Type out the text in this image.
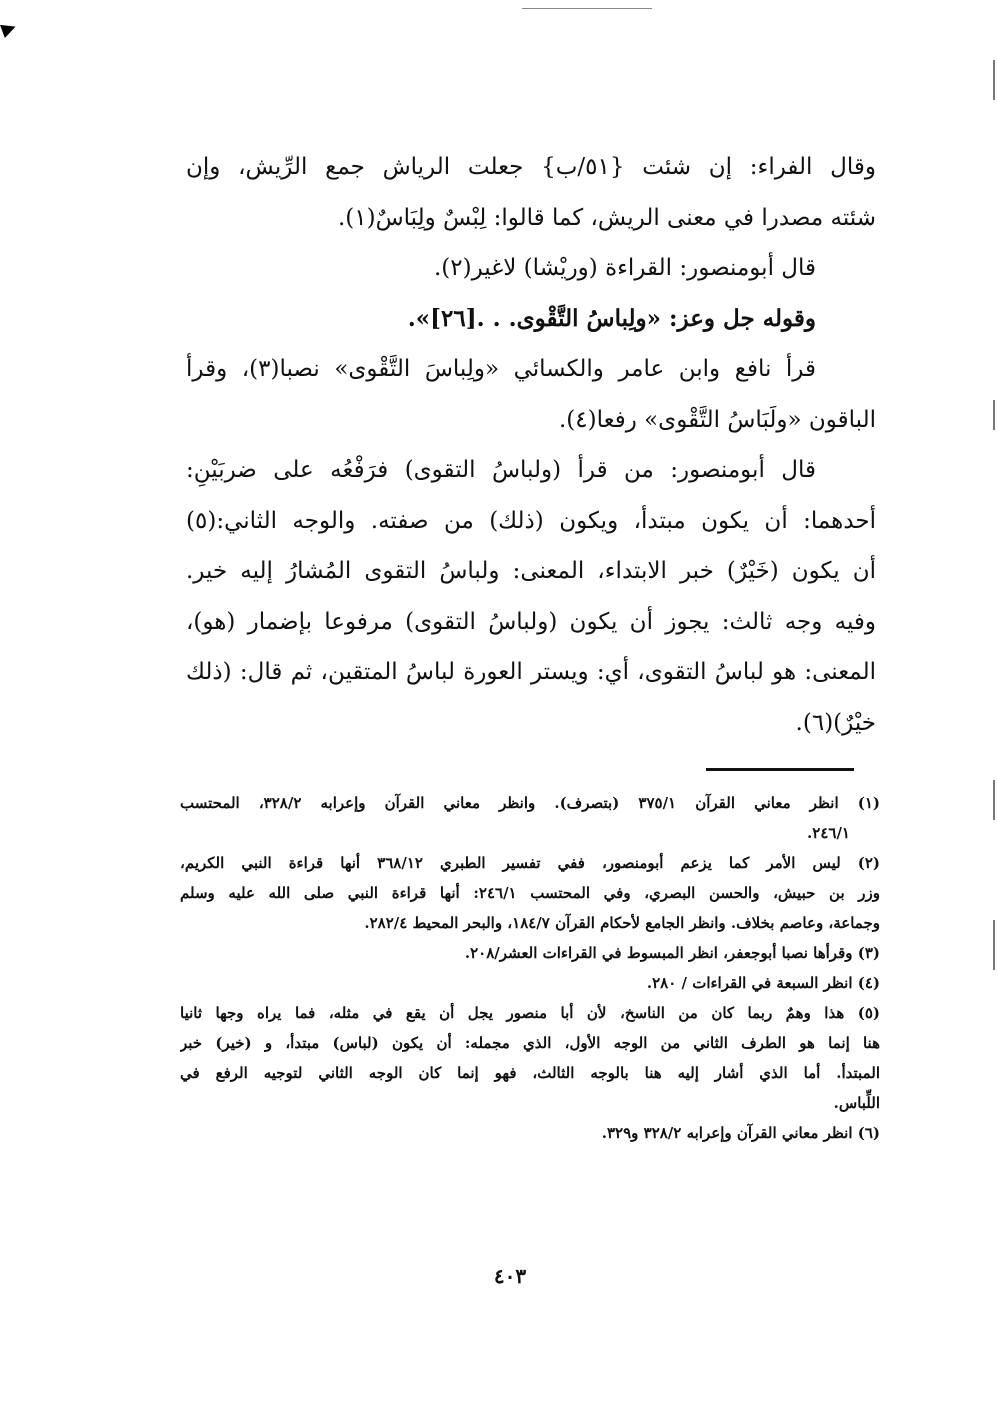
وقال الفراء: إن شئت {٥١/ب} جعلت الرياش جمع الرِّيش، وإن
شئته مصدرا في معنى الريش، كما قالوا: لِبْسٌ ولِبَاسٌ(١).
قال أبومنصور: القراءة (وريْشا) لاغير(٢).
وقوله جل وعز: «ولِباسُ التَّقْوى. . .[٢٦]».
قرأ نافع وابن عامر والكسائي «ولِباسَ التَّقْوى» نصبا(٣)، وقرأ
الباقون «ولَبَاسُ التَّقْوى» رفعا(٤).
قال أبومنصور: من قرأ (ولباسُ التقوى) فرَفْعُه على ضربَيْنِ:
أحدهما: أن يكون مبتدأ، ويكون (ذلك) من صفته. والوجه الثاني:(٥)
أن يكون (خَيْرٌ) خبر الابتداء، المعنى: ولباسُ التقوى المُشارُ إليه خير.
وفيه وجه ثالث: يجوز أن يكون (ولباسُ التقوى) مرفوعا بإضمار (هو)،
المعنى: هو لباسُ التقوى، أي: ويستر العورة لباسُ المتقين، ثم قال: (ذلك
خيْرٌ)(٦).
(١) انظر معاني القرآن ٣٧٥/١ (بتصرف). وانظر معاني القرآن وإعرابه ٣٢٨/٢، المحتسب
٢٤٦/١.
(٢) ليس الأمر كما يزعم أبومنصور، ففي تفسير الطبري ٣٦٨/١٢ أنها قراءة النبي الكريم،
وزر بن حبيش، والحسن البصري، وفي المحتسب ٢٤٦/١: أنها قراءة النبي صلى الله عليه وسلم
وجماعة، وعاصم بخلاف. وانظر الجامع لأحكام القرآن ١٨٤/٧، والبحر المحيط ٢٨٢/٤.
(٣) وقرأها نصبا أبوجعفر، انظر المبسوط في القراءات العشر/٢٠٨.
(٤) انظر السبعة في القراءات / ٢٨٠.
(٥) هذا وهمٌ ربما كان من الناسخ، لأن أبا منصور يجل أن يقع في مثله، فما يراه وجها ثانيا
هنا إنما هو الطرف الثاني من الوجه الأول، الذي مجمله: أن يكون (لباس) مبتدأ، و (خير) خبر
المبتدأ. أما الذي أشار إليه هنا بالوجه الثالث، فهو إنما كان الوجه الثاني لتوجيه الرفع في
اللِّباس.
(٦) انظر معاني القرآن وإعرابه ٣٢٨/٢ و٣٢٩.
٤٠٣
